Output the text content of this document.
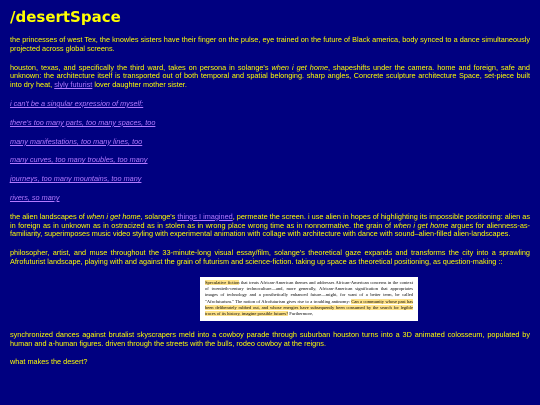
/desertSpace

the princesses of west Tex, the knowles sisters have their finger on the pulse, eye trained on the future of Black america, body synced to a dance simultaneously projected across global screens.

houston, texas, and specifically the third ward, takes on persona in solange's when i get home, shapeshifts under the camera. home and foreign, safe and unknown: the architecture itself is transported out of both temporal and spatial belonging. sharp angles, Concrete sculpture architecture Space, set-piece built into dry heat, slyly futurist lover daughter mother sister.

i can't be a singular expression of myself:

there's too many parts, too many spaces, too

many manifestations, too many lines, too

many curves, too many troubles, too many

journeys, too many mountains, too many

rivers, so many

the alien landscapes of when i get home, solange's things I imagined, permeate the screen. i use alien in hopes of highlighting its impossible positioning: alien as in foreign as in unknown as in ostracized as in stolen as in wrong place wrong time as in nonnormative. the grain of when i get home argues for alienness-as-familiarity, superimposes music video styling with experimental animation with collage with architecture with dance with sound–alien-filled alien-landscapes.

philosopher, artist, and muse throughout the 33-minute-long visual essay/film, solange's theoretical gaze expands and transforms the city into a sprawling Afrofuturist landscape, playing with and against the grain of futurism and science-fiction. taking up space as theoretical positioning, as question-making ::

Speculative fiction that treats African-American themes and addresses African-American concerns in the context of twentieth-century technoculture—and, more generally, African-American signification that appropriates images of technology and a prosthetically enhanced future—might, for want of a better term, be called "Afrofuturism." The notion of Afrofuturism gives rise to a troubling antinomy: Can a community whose past has been deliberately rubbed out, and whose energies have subsequently been consumed by the search for legible traces of its history, imagine possible futures? Furthermore,

synchronized dances against brutalist skyscrapers meld into a cowboy parade through suburban houston turns into a 3D animated colosseum, populated by human and a-human figures. driven through the streets with the bulls, rodeo cowboy at the reigns.

what makes the desert?
